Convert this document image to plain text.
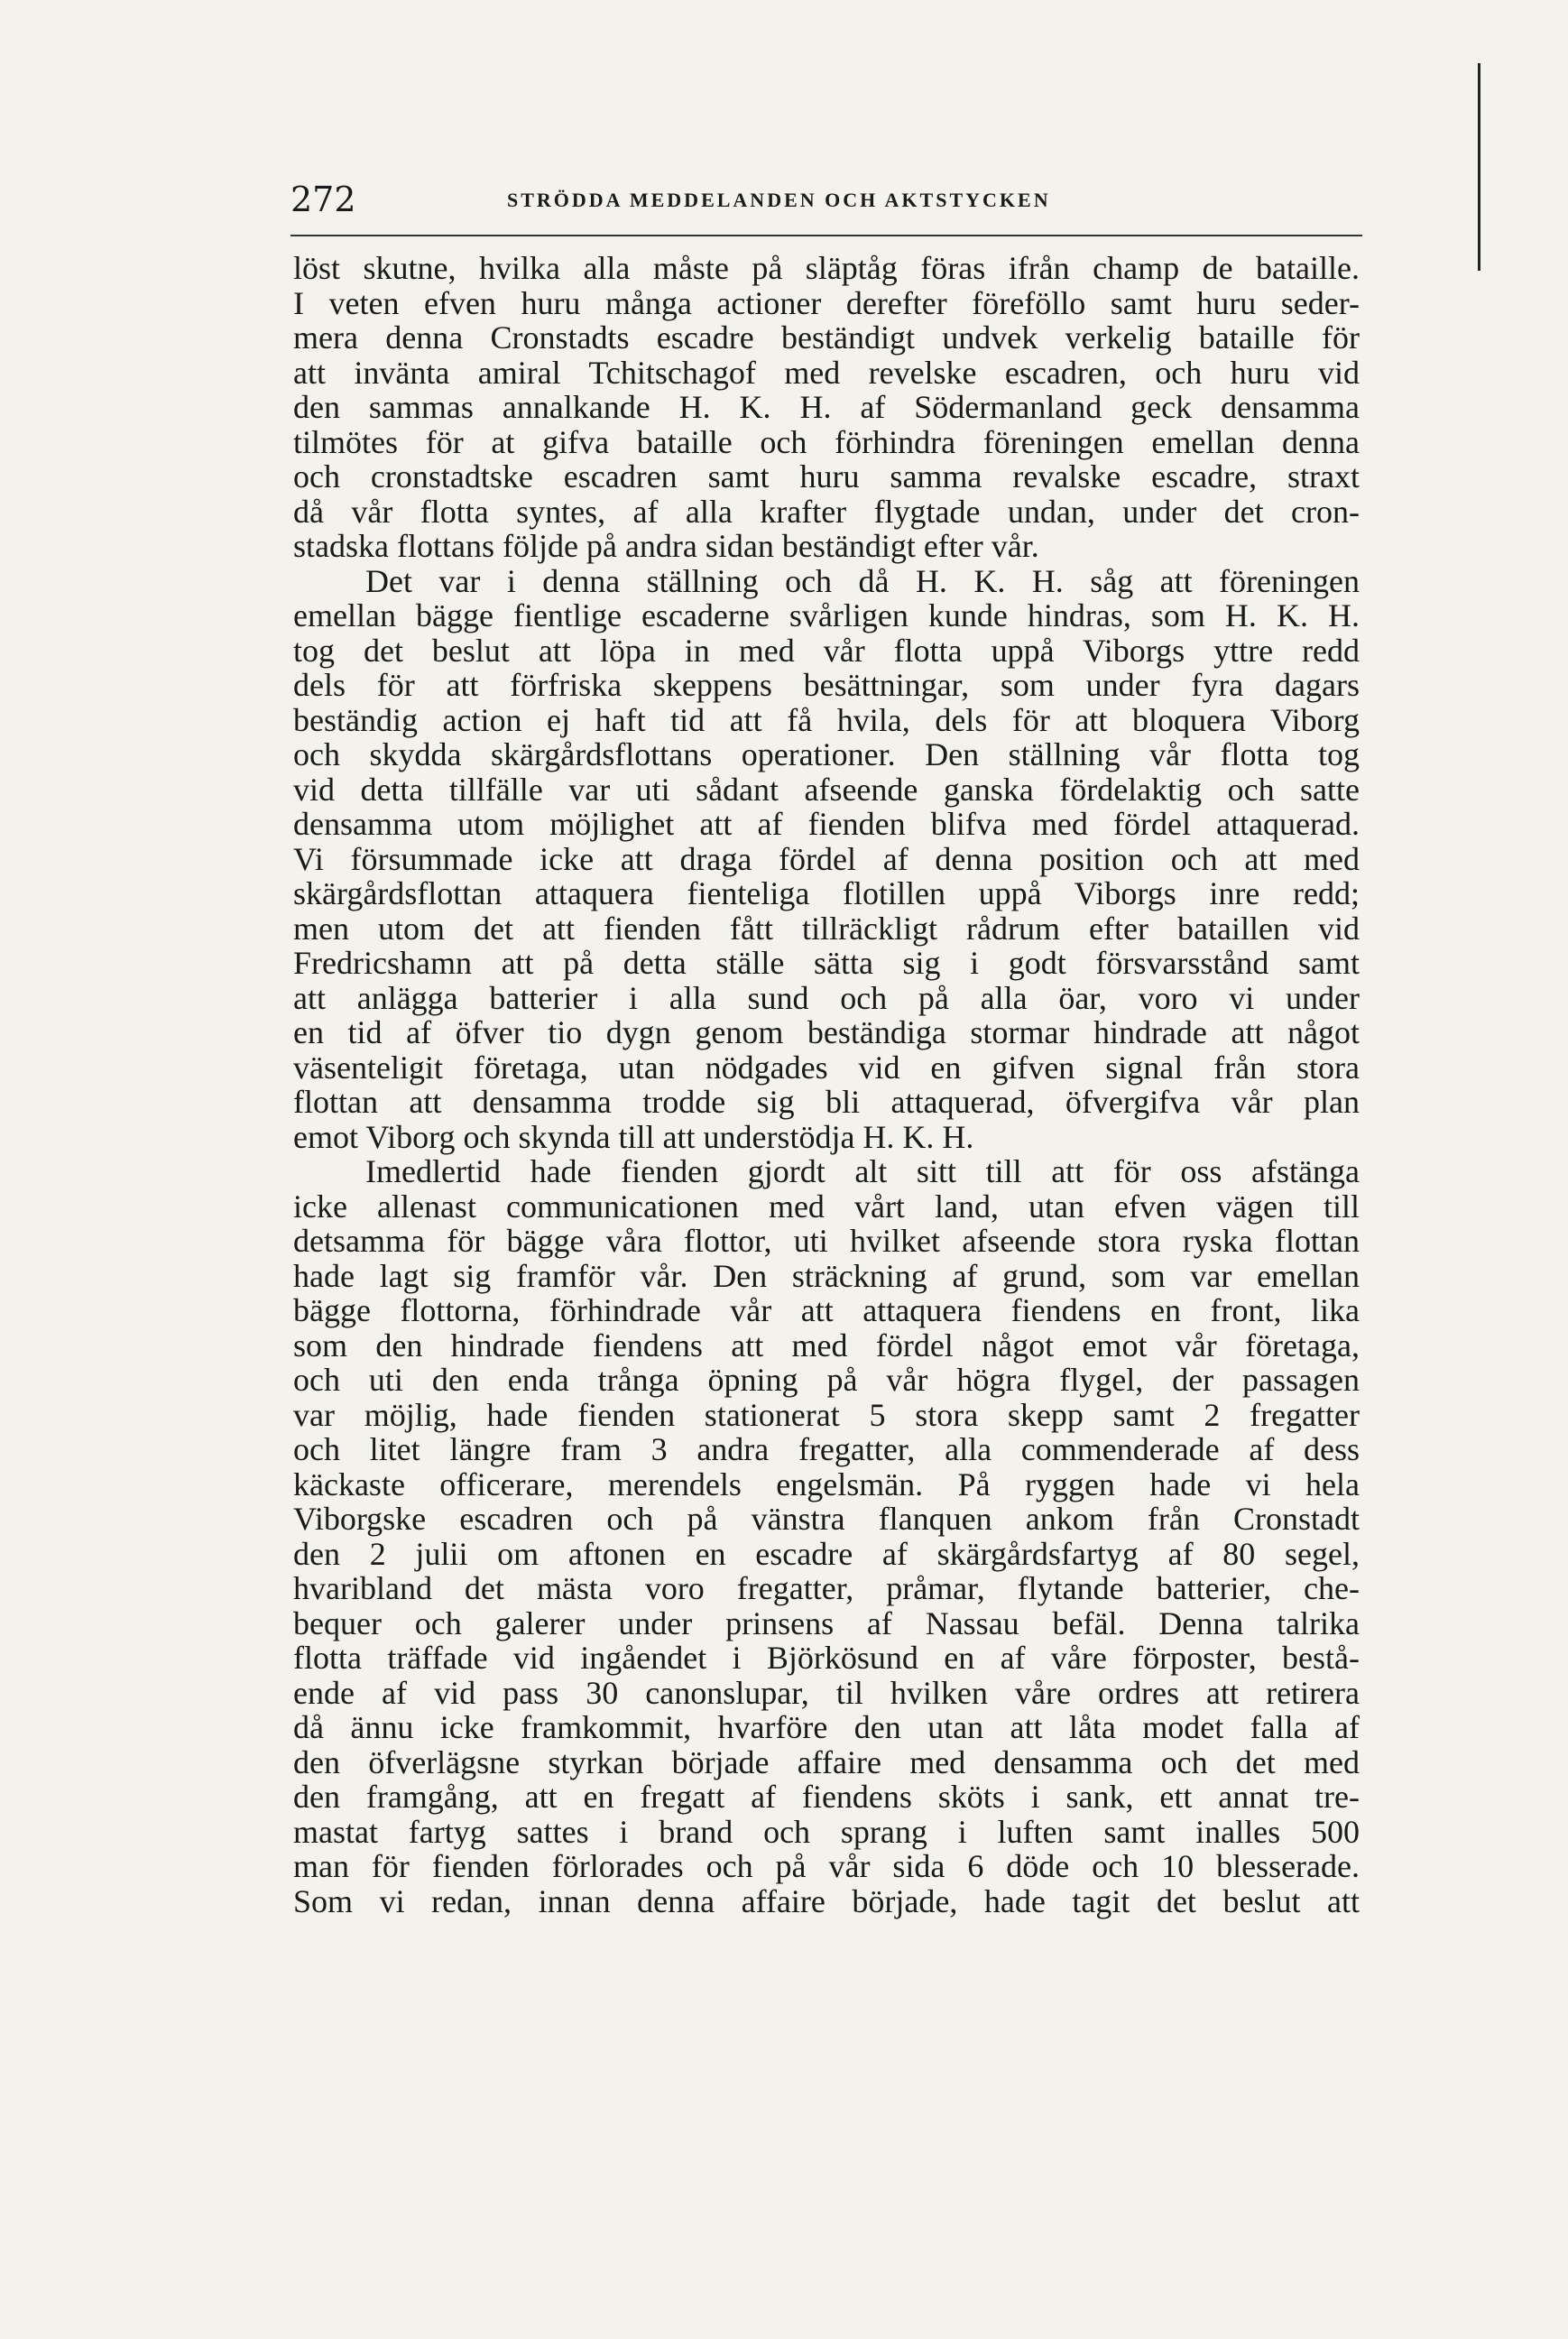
272	STRÖDDA MEDDELANDEN OCH AKTSTYCKEN
löst skutne, hvilka alla måste på släptåg föras ifrån champ de bataille.
I veten efven huru många actioner derefter föreföllo samt huru seder-
mera denna Cronstadts escadre beständigt undvek verkelig bataille för
att invänta amiral Tchitschagof med revelske escadren, och huru vid
den sammas annalkande H. K. H. af Södermanland geck densamma
tilmötes för at gifva bataille och förhindra föreningen emellan denna
och cronstadtske escadren samt huru samma revalske escadre, straxt
då vår flotta syntes, af alla krafter flygtade undan, under det cron-
stadska flottans följde på andra sidan beständigt efter vår.
Det var i denna ställning och då H. K. H. såg att föreningen
emellan bägge fientlige escaderne svårligen kunde hindras, som H. K. H.
tog det beslut att löpa in med vår flotta uppå Viborgs yttre redd
dels för att förfriska skeppens besättningar, som under fyra dagars
beständig action ej haft tid att få hvila, dels för att bloquera Viborg
och skydda skärgårdsflottans operationer. Den ställning vår flotta tog
vid detta tillfälle var uti sådant afseende ganska fördelaktig och satte
densamma utom möjlighet att af fienden blifva med fördel attaquerad.
Vi försummade icke att draga fördel af denna position och att med
skärgårdsflottan attaquera fienteliga flotillen uppå Viborgs inre redd;
men utom det att fienden fått tillräckligt rådrum efter bataillen vid
Fredricshamn att på detta ställe sätta sig i godt försvarsstånd samt
att anlägga batterier i alla sund och på alla öar, voro vi under
en tid af öfver tio dygn genom beständiga stormar hindrade att något
väsenteligit företaga, utan nödgades vid en gifven signal från stora
flottan att densamma trodde sig bli attaquerad, öfvergifva vår plan
emot Viborg och skynda till att understödja H. K. H.
Imedlertid hade fienden gjordt alt sitt till att för oss afstänga
icke allenast communicationen med vårt land, utan efven vägen till
detsamma för bägge våra flottor, uti hvilket afseende stora ryska flottan
hade lagt sig framför vår. Den sträckning af grund, som var emellan
bägge flottorna, förhindrade vår att attaquera fiendens en front, lika
som den hindrade fiendens att med fördel något emot vår företaga,
och uti den enda trånga öpning på vår högra flygel, der passagen
var möjlig, hade fienden stationerat 5 stora skepp samt 2 fregatter
och litet längre fram 3 andra fregatter, alla commenderade af dess
käckaste officerare, merendels engelsmän. På ryggen hade vi hela
Viborgske escadren och på vänstra flanquen ankom från Cronstadt
den 2 julii om aftonen en escadre af skärgårdsfartyg af 80 segel,
hvaribland det mästa voro fregatter, pråmar, flytande batterier, che-
bequer och galerer under prinsens af Nassau befäl. Denna talrika
flotta träffade vid ingåendet i Björkösund en af våre förposter, bestå-
ende af vid pass 30 canonslupar, til hvilken våre ordres att retirera
då ännu icke framkommit, hvarföre den utan att låta modet falla af
den öfverlägsne styrkan började affaire med densamma och det med
den framgång, att en fregatt af fiendens sköts i sank, ett annat tre-
mastat fartyg sattes i brand och sprang i luften samt inalles 500
man för fienden förlorades och på vår sida 6 döde och 10 blesserade.
Som vi redan, innan denna affaire började, hade tagit det beslut att
